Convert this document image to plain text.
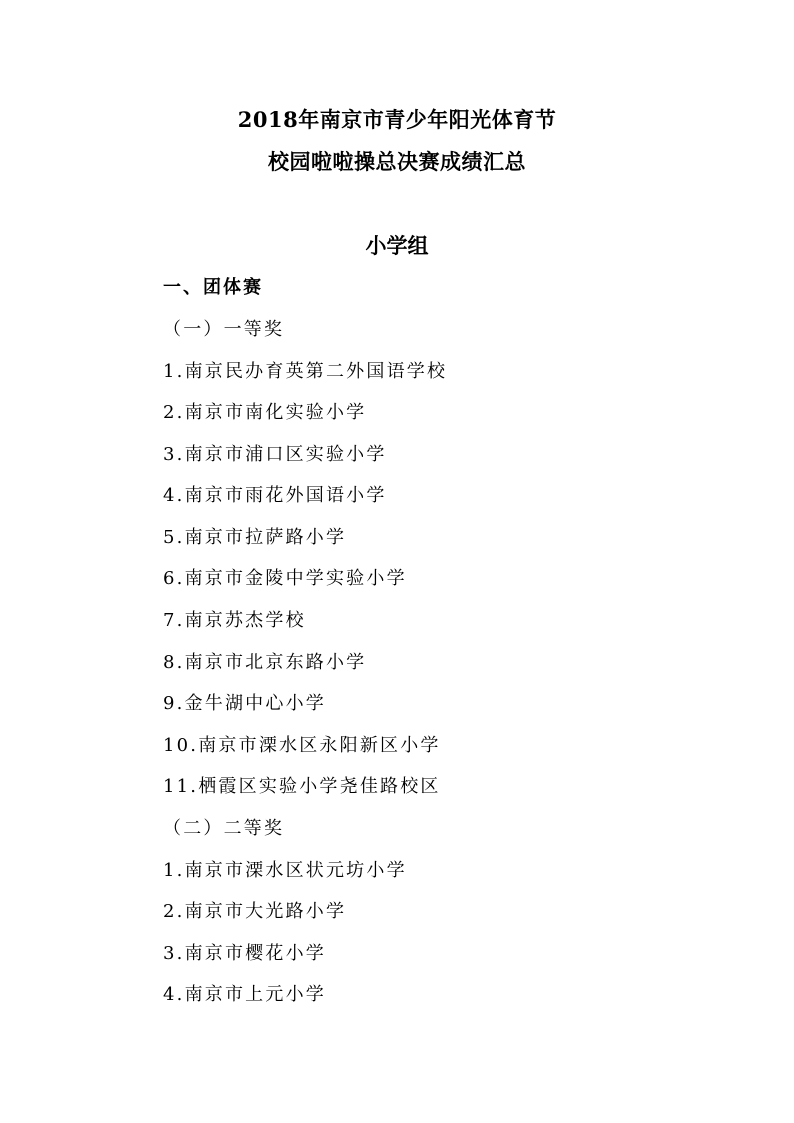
2018年南京市青少年阳光体育节
校园啦啦操总决赛成绩汇总
小学组
一、团体赛
（一）一等奖
1.南京民办育英第二外国语学校
2.南京市南化实验小学
3.南京市浦口区实验小学
4.南京市雨花外国语小学
5.南京市拉萨路小学
6.南京市金陵中学实验小学
7.南京苏杰学校
8.南京市北京东路小学
9.金牛湖中心小学
10.南京市溧水区永阳新区小学
11.栖霞区实验小学尧佳路校区
（二）二等奖
1.南京市溧水区状元坊小学
2.南京市大光路小学
3.南京市樱花小学
4.南京市上元小学
